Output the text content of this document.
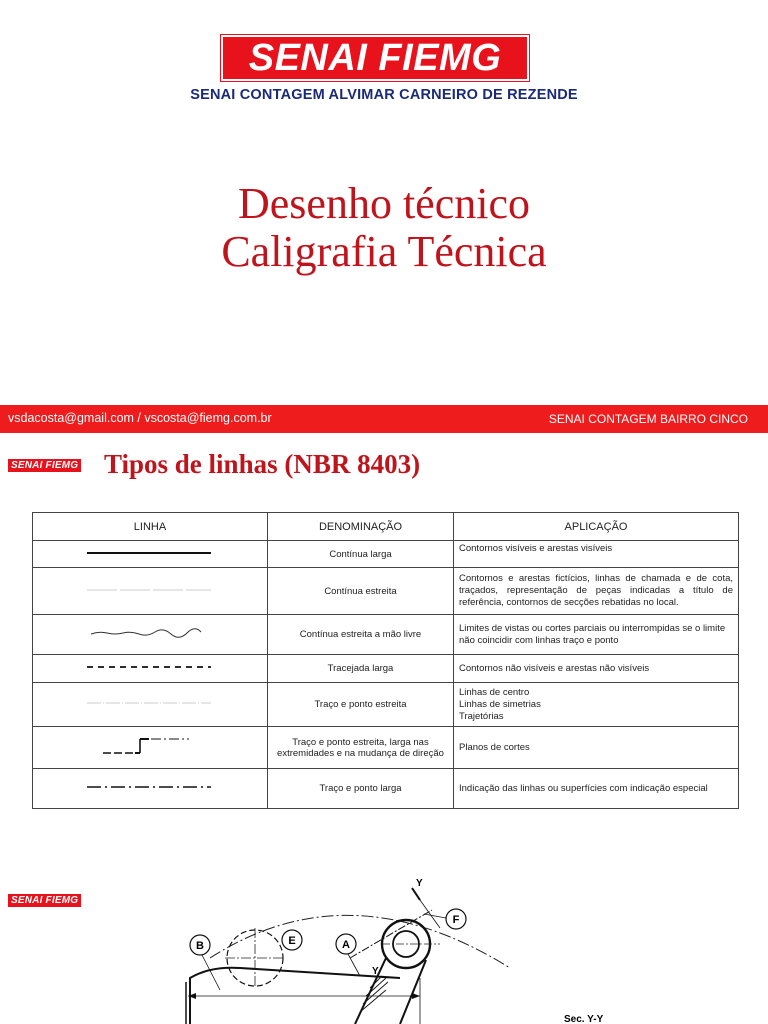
SENAI FIEMG
SENAI CONTAGEM ALVIMAR CARNEIRO DE REZENDE
Desenho técnico
Caligrafia Técnica
vsdacosta@gmail.com / vscosta@fiemg.com.br	SENAI CONTAGEM BAIRRO CINCO
SENAI FIEMG Tipos de linhas (NBR 8403)
LINHA	DENOMINAÇÃO	APLICAÇÃO
	Contínua larga	Contornos visíveis e arestas visíveis
	Contínua estreita	Contornos e arestas fictícios, linhas de chamada e de cota, traçados, representação de peças indicadas a título de referência, contornos de secções rebatidas no local.
	Contínua estreita a mão livre	Limites de vistas ou cortes parciais ou interrompidas se o limite não coincidir com linhas traço e ponto
	Tracejada larga	Contornos não visíveis e arestas não visíveis
	Traço e ponto estreita	Linhas de centro
Linhas de simetrias
Trajetórias

	Traço e ponto estreita, larga nas extremidades e na mudança de direção	Planos de cortes
	Traço e ponto larga	Indicação das linhas ou superfícies com indicação especial
SENAI FIEMG
F
B	E	A
Y
Y
Sec. Y-Y
